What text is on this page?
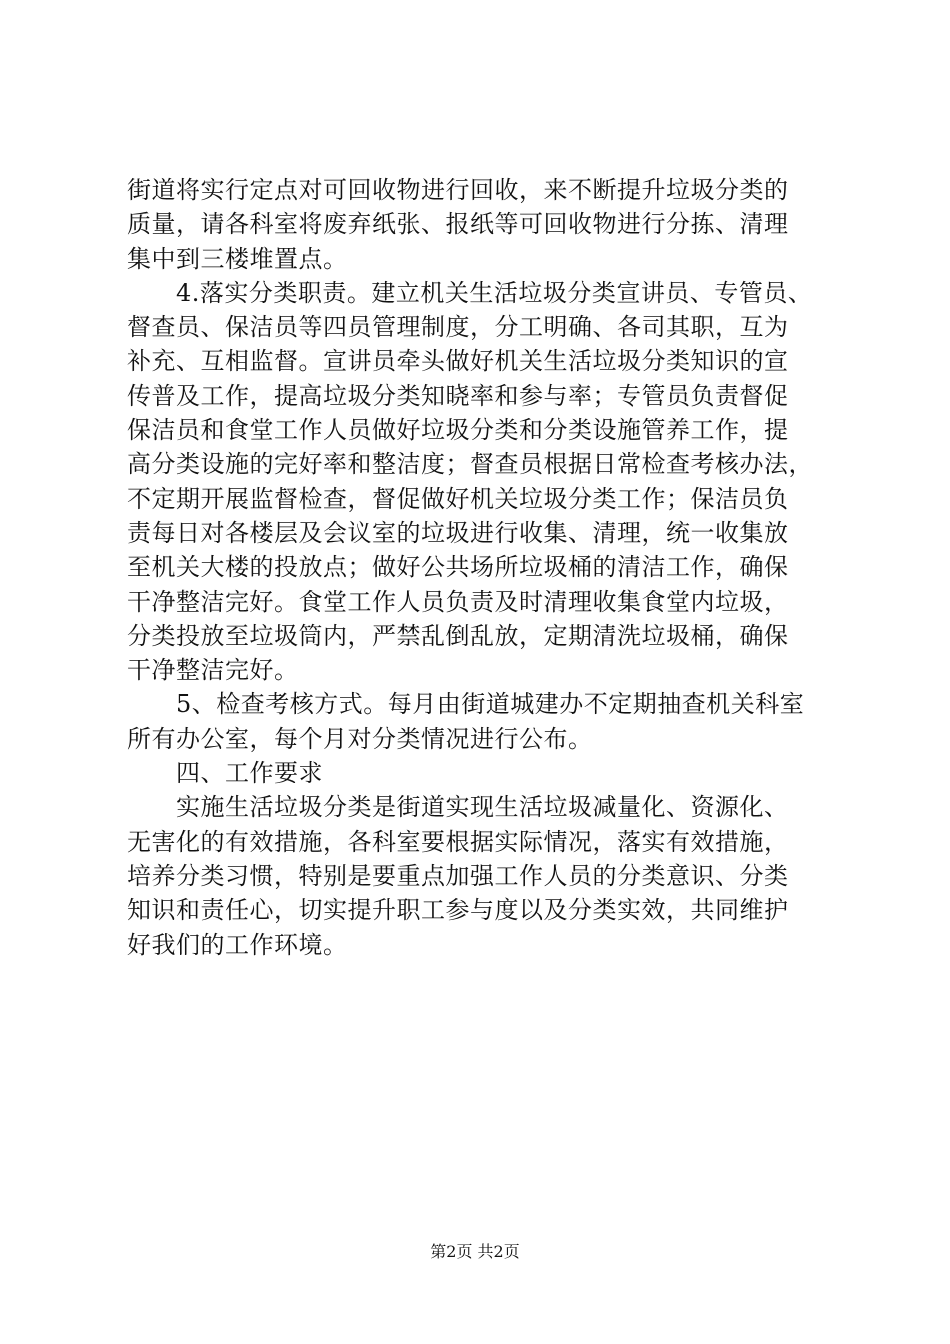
街道将实行定点对可回收物进行回收，来不断提升垃圾分类的
质量，请各科室将废弃纸张、报纸等可回收物进行分拣、清理
集中到三楼堆置点。
　　4.落实分类职责。建立机关生活垃圾分类宣讲员、专管员、
督查员、保洁员等四员管理制度，分工明确、各司其职，互为
补充、互相监督。宣讲员牵头做好机关生活垃圾分类知识的宣
传普及工作，提高垃圾分类知晓率和参与率；专管员负责督促
保洁员和食堂工作人员做好垃圾分类和分类设施管养工作，提
高分类设施的完好率和整洁度；督查员根据日常检查考核办法，
不定期开展监督检查，督促做好机关垃圾分类工作；保洁员负
责每日对各楼层及会议室的垃圾进行收集、清理，统一收集放
至机关大楼的投放点；做好公共场所垃圾桶的清洁工作，确保
干净整洁完好。食堂工作人员负责及时清理收集食堂内垃圾，
分类投放至垃圾筒内，严禁乱倒乱放，定期清洗垃圾桶，确保
干净整洁完好。
　　5、检查考核方式。每月由街道城建办不定期抽查机关科室
所有办公室，每个月对分类情况进行公布。
　　四、工作要求
　　实施生活垃圾分类是街道实现生活垃圾减量化、资源化、
无害化的有效措施，各科室要根据实际情况，落实有效措施，
培养分类习惯，特别是要重点加强工作人员的分类意识、分类
知识和责任心，切实提升职工参与度以及分类实效，共同维护
好我们的工作环境。
第2页 共2页
